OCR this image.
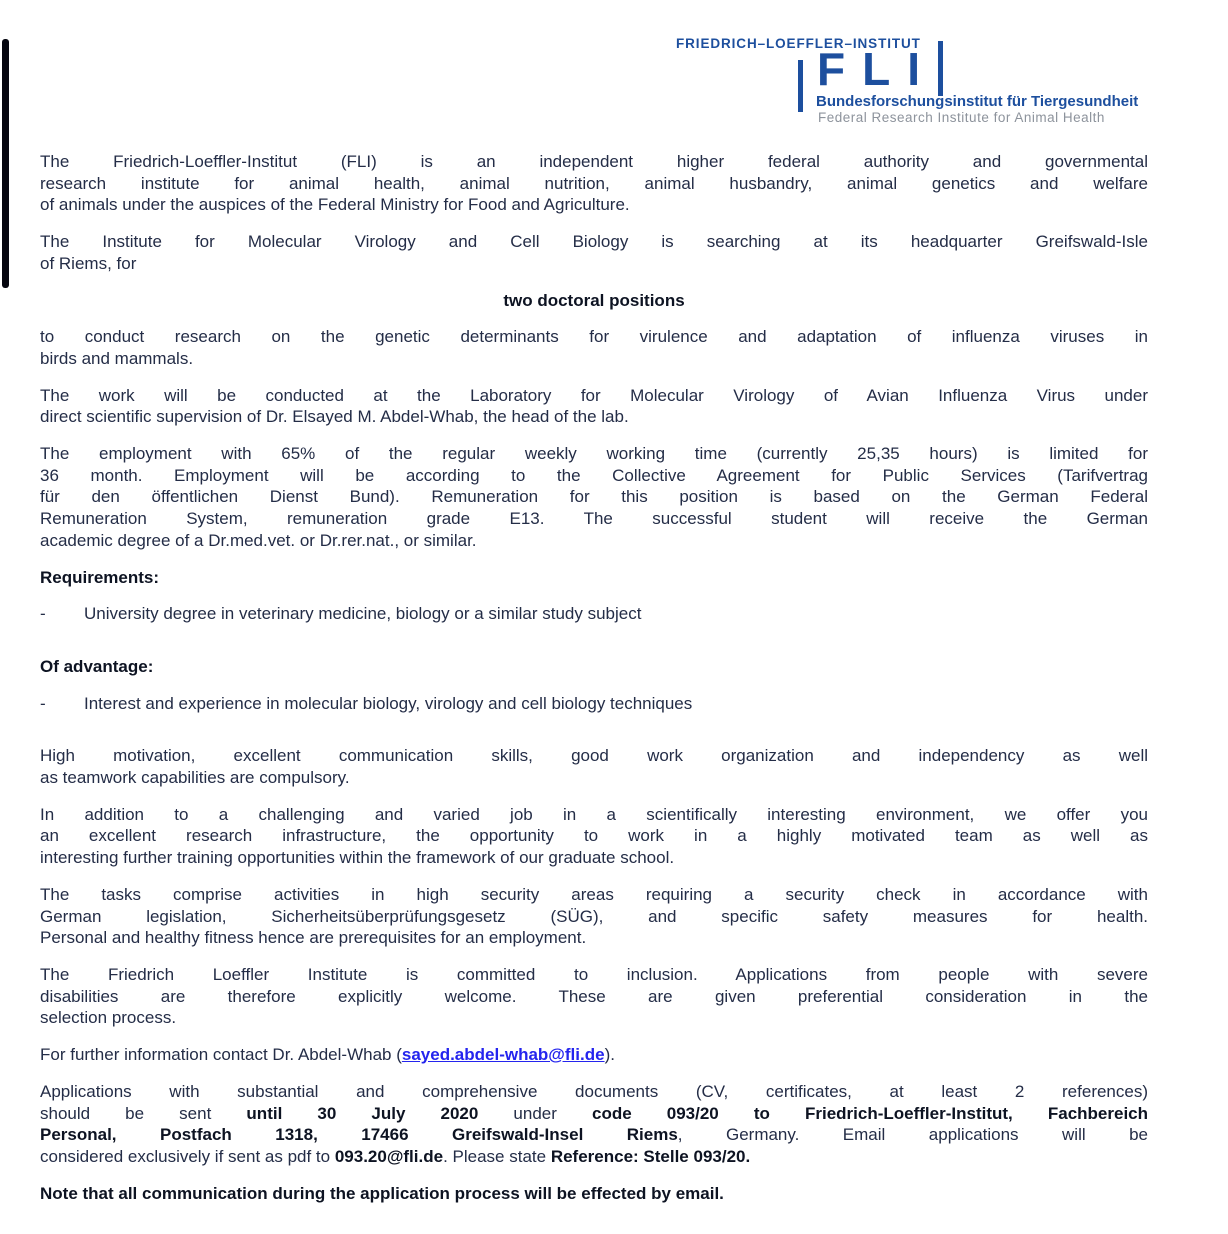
FRIEDRICH–LOEFFLER–INSTITUT
FLI
Bundesforschungsinstitut für Tiergesundheit
Federal Research Institute for Animal Health

The Friedrich-Loeffler-Institut (FLI) is an independent higher federal authority and governmental
research institute for animal health, animal nutrition, animal husbandry, animal genetics and welfare
of animals under the auspices of the Federal Ministry for Food and Agriculture.

The Institute for Molecular Virology and Cell Biology is searching at its headquarter Greifswald-Isle
of Riems, for

two doctoral positions

to conduct research on the genetic determinants for virulence and adaptation of influenza viruses in
birds and mammals.

The work will be conducted at the Laboratory for Molecular Virology of Avian Influenza Virus under
direct scientific supervision of Dr. Elsayed M. Abdel-Whab, the head of the lab.

The employment with 65% of the regular weekly working time (currently 25,35 hours) is limited for
36 month. Employment will be according to the Collective Agreement for Public Services (Tarifvertrag
für den öffentlichen Dienst Bund). Remuneration for this position is based on the German Federal
Remuneration System, remuneration grade E13. The successful student will receive the German
academic degree of a Dr.med.vet. or Dr.rer.nat., or similar.

Requirements:

-	University degree in veterinary medicine, biology or a similar study subject

Of advantage:

-	Interest and experience in molecular biology, virology and cell biology techniques

High motivation, excellent communication skills, good work organization and independency as well
as teamwork capabilities are compulsory.

In addition to a challenging and varied job in a scientifically interesting environment, we offer you
an excellent research infrastructure, the opportunity to work in a highly motivated team as well as
interesting further training opportunities within the framework of our graduate school.

The tasks comprise activities in high security areas requiring a security check in accordance with
German legislation, Sicherheitsüberprüfungsgesetz (SÜG), and specific safety measures for health.
Personal and healthy fitness hence are prerequisites for an employment.

The Friedrich Loeffler Institute is committed to inclusion. Applications from people with severe
disabilities are therefore explicitly welcome. These are given preferential consideration in the
selection process.

For further information contact Dr. Abdel-Whab (sayed.abdel-whab@fli.de).

Applications with substantial and comprehensive documents (CV, certificates, at least 2 references)
should be sent until 30 July 2020 under code 093/20 to Friedrich-Loeffler-Institut, Fachbereich
Personal, Postfach 1318, 17466 Greifswald-Insel Riems, Germany. Email applications will be
considered exclusively if sent as pdf to 093.20@fli.de. Please state Reference: Stelle 093/20.

Note that all communication during the application process will be effected by email.
